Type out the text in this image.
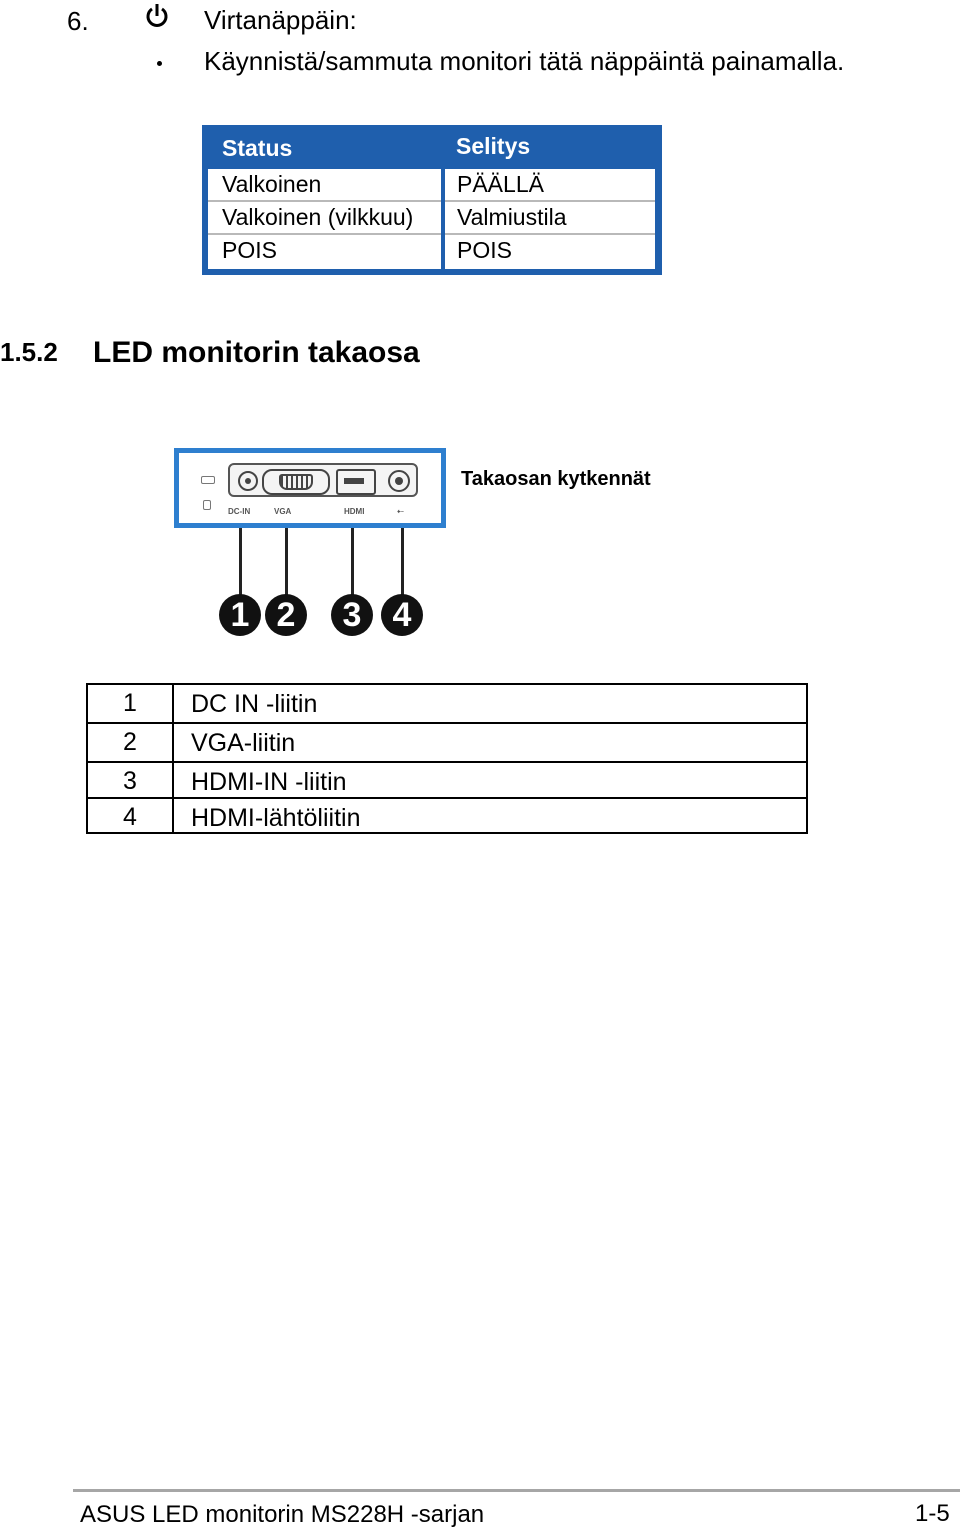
6.	Virtanäppäin:
Käynnistä/sammuta monitori tätä näppäintä painamalla.
Status	Selitys
Valkoinen	PÄÄLLÄ
Valkoinen (vilkkuu) Valmiustila
POIS	POIS
1.5.2 LED monitorin takaosa
DC-IN	VGA	HDMI	⇠
Takaosan kytkennät
1 2	3 4
1	DC IN -liitin
2	VGA-liitin
3	HDMI-IN -liitin
4	HDMI-lähtöliitin
ASUS LED monitorin MS228H -sarjan	1-5
